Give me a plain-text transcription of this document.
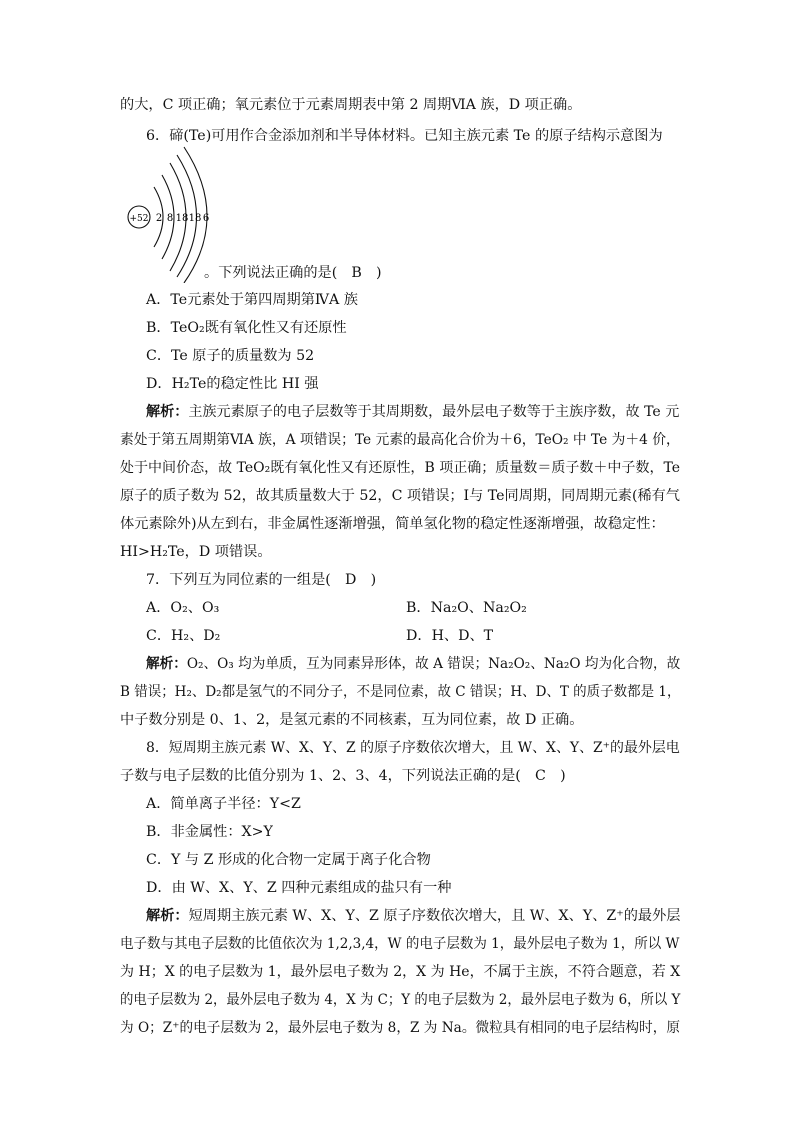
的大，C 项正确；氧元素位于元素周期表中第 2 周期ⅥA 族，D 项正确。
6．碲(Te)可用作合金添加剂和半导体材料。已知主族元素 Te 的原子结构示意图为
+52 2 8 18 18 6
。下列说法正确的是(　B　)
A．Te元素处于第四周期第ⅣA 族
B．TeO₂既有氧化性又有还原性
C．Te 原子的质量数为 52
D．H₂Te的稳定性比 HI 强
解析：主族元素原子的电子层数等于其周期数，最外层电子数等于主族序数，故 Te 元
素处于第五周期第ⅥA 族，A 项错误；Te 元素的最高化合价为＋6，TeO₂ 中 Te 为＋4 价，
处于中间价态，故 TeO₂既有氧化性又有还原性，B 项正确；质量数＝质子数＋中子数，Te
原子的质子数为 52，故其质量数大于 52，C 项错误；Ⅰ与 Te同周期，同周期元素(稀有气
体元素除外)从左到右，非金属性逐渐增强，简单氢化物的稳定性逐渐增强，故稳定性：
HI>H₂Te，D 项错误。
7．下列互为同位素的一组是(　D　)
A．O₂、O₃	B．Na₂O、Na₂O₂
C．H₂、D₂	D．H、D、T
解析：O₂、O₃ 均为单质，互为同素异形体，故 A 错误；Na₂O₂、Na₂O 均为化合物，故
B 错误；H₂、D₂都是氢气的不同分子，不是同位素，故 C 错误；H、D、T 的质子数都是 1，
中子数分别是 0、1、2，是氢元素的不同核素，互为同位素，故 D 正确。
8．短周期主族元素 W、X、Y、Z 的原子序数依次增大，且 W、X、Y、Z⁺的最外层电
子数与电子层数的比值分别为 1、2、3、4，下列说法正确的是(　C　)
A．简单离子半径：Y<Z
B．非金属性：X>Y
C．Y 与 Z 形成的化合物一定属于离子化合物
D．由 W、X、Y、Z 四种元素组成的盐只有一种
解析：短周期主族元素 W、X、Y、Z 原子序数依次增大，且 W、X、Y、Z⁺的最外层
电子数与其电子层数的比值依次为 1,2,3,4，W 的电子层数为 1，最外层电子数为 1，所以 W
为 H；X 的电子层数为 1，最外层电子数为 2，X 为 He，不属于主族，不符合题意，若 X
的电子层数为 2，最外层电子数为 4，X 为 C；Y 的电子层数为 2，最外层电子数为 6，所以 Y
为 O；Z⁺的电子层数为 2，最外层电子数为 8，Z 为 Na。微粒具有相同的电子层结构时，原
